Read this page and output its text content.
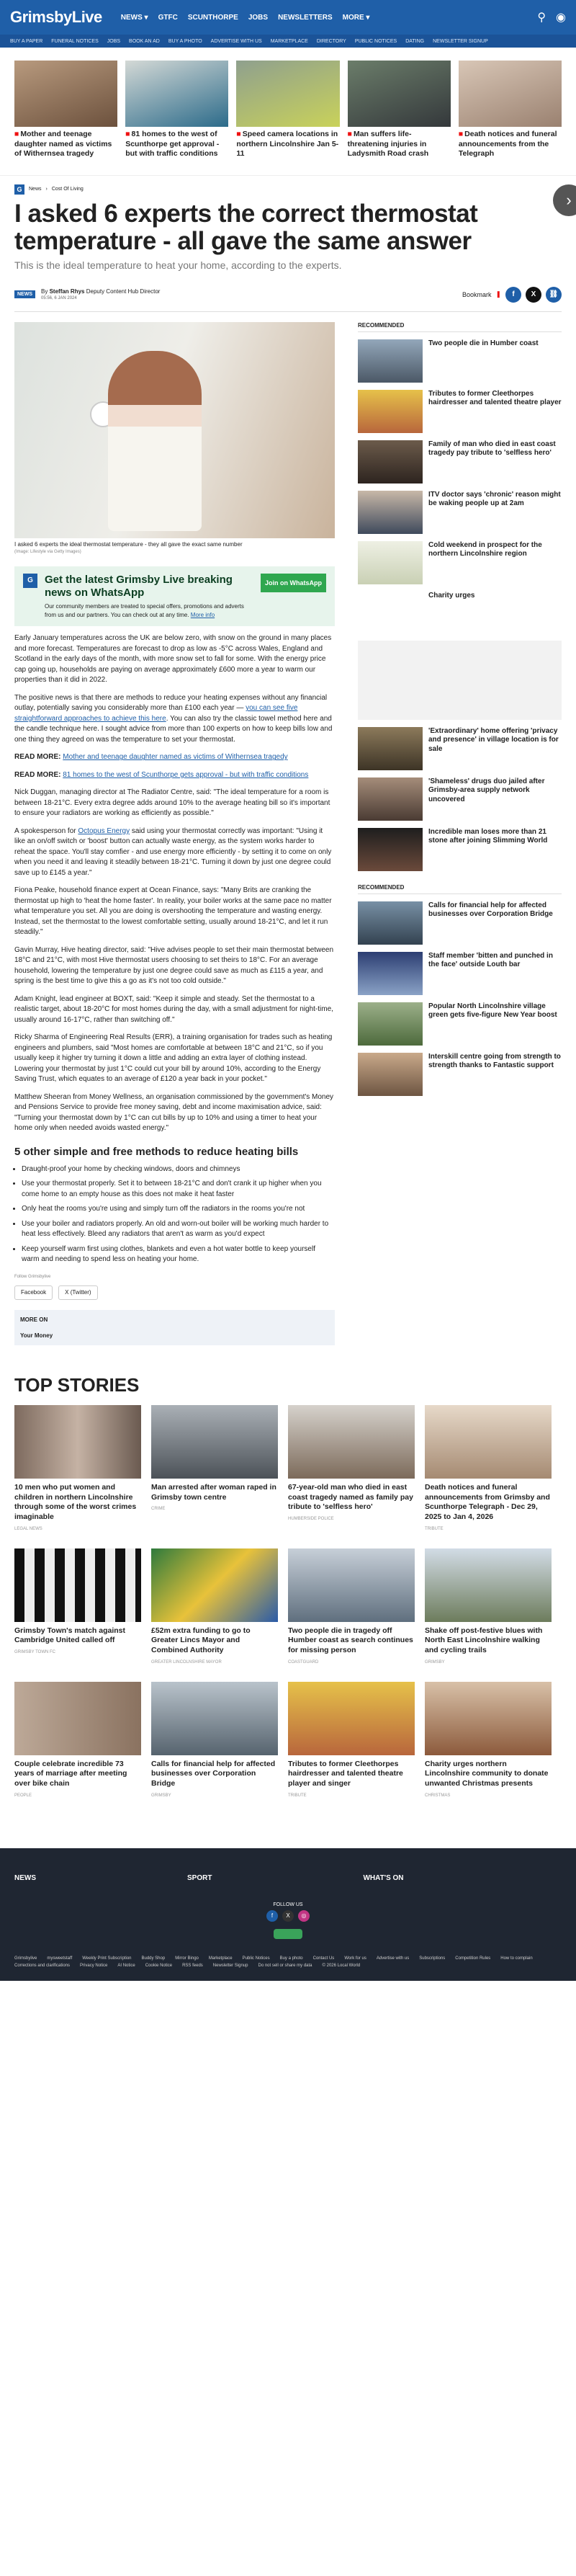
GrimsbyLive	NEWS ▾ GTFC SCUNTHORPE JOBS NEWSLETTERS MORE ▾	⚲ ◉
BUY A PAPER FUNERAL NOTICES JOBS BOOK AN AD BUY A PHOTO ADVERTISE WITH US MARKETPLACE DIRECTORY PUBLIC NOTICES DATING NEWSLETTER SIGNUP
■ Mother and teenage daughter named as victims of Withernsea tragedy
■ 81 homes to the west of Scunthorpe get approval - but with traffic conditions
■ Speed camera locations in northern Lincolnshire Jan 5-11
■ Man suffers life-threatening injuries in Ladysmith Road crash
■ Death notices and funeral announcements from the Telegraph
G	News › Cost Of Living
I asked 6 experts the correct thermostat temperature - all gave the same answer
›
This is the ideal temperature to heat your home, according to the experts.
NEWS	By Steffan Rhys Deputy Content Hub Director
05:56, 6 JAN 2024
Bookmark ❚	f	X	⛓
I asked 6 experts the ideal thermostat temperature - they all gave the exact same number
(Image: Lifestyle via Getty Images)
G	Get the latest Grimsby Live breaking news on WhatsApp

Our community members are treated to special offers, promotions and adverts from us and our partners. You can check out at any time. More info

Join on WhatsApp

Early January temperatures across the UK are below zero, with snow on the ground in many places and more forecast. Temperatures are forecast to drop as low as -5°C across Wales, England and Scotland in the early days of the month, with more snow set to fall for some. With the energy price cap going up, households are paying on average approximately £600 more a year to warm our properties than it did in 2022.

The positive news is that there are methods to reduce your heating expenses without any financial outlay, potentially saving you considerably more than £100 each year — you can see five straightforward approaches to achieve this here. You can also try the classic towel method here and the candle technique here. I sought advice from more than 100 experts on how to keep bills low and one thing they agreed on was the temperature to set your thermostat.

READ MORE: Mother and teenage daughter named as victims of Withernsea tragedy

READ MORE: 81 homes to the west of Scunthorpe gets approval - but with traffic conditions

Nick Duggan, managing director at The Radiator Centre, said: "The ideal temperature for a room is between 18-21°C. Every extra degree adds around 10% to the average heating bill so it's important to ensure your radiators are working as efficiently as possible."

A spokesperson for Octopus Energy said using your thermostat correctly was important: "Using it like an on/off switch or 'boost' button can actually waste energy, as the system works harder to reheat the space. You'll stay comfier - and use energy more efficiently - by setting it to come on only when you need it and leaving it steadily between 18-21°C. Turning it down by just one degree could save up to £145 a year."

Fiona Peake, household finance expert at Ocean Finance, says: "Many Brits are cranking the thermostat up high to 'heat the home faster'. In reality, your boiler works at the same pace no matter what temperature you set. All you are doing is overshooting the temperature and wasting energy. Instead, set the thermostat to the lowest comfortable setting, usually around 18-21°C, and let it run steadily."

Gavin Murray, Hive heating director, said: "Hive advises people to set their main thermostat between 18°C and 21°C, with most Hive thermostat users choosing to set theirs to 18°C. For an average household, lowering the temperature by just one degree could save as much as £115 a year, and spring is the best time to give this a go as it's not too cold outside."

Adam Knight, lead engineer at BOXT, said: "Keep it simple and steady. Set the thermostat to a realistic target, about 18-20°C for most homes during the day, with a small adjustment for night-time, usually around 16-17°C, rather than switching off."

Ricky Sharma of Engineering Real Results (ERR), a training organisation for trades such as heating engineers and plumbers, said "Most homes are comfortable at between 18°C and 21°C, so if you usually keep it higher try turning it down a little and adding an extra layer of clothing instead. Lowering your thermostat by just 1°C could cut your bill by around 10%, according to the Energy Saving Trust, which equates to an average of £120 a year back in your pocket."

Matthew Sheeran from Money Wellness, an organisation commissioned by the government's Money and Pensions Service to provide free money saving, debt and income maximisation advice, said: "Turning your thermostat down by 1°C can cut bills by up to 10% and using a timer to heat your home only when needed avoids wasted energy."

5 other simple and free methods to reduce heating bills
• Draught-proof your home by checking windows, doors and chimneys
• Use your thermostat properly. Set it to between 18-21°C and don't crank it up higher when you come home to an empty house as this does not make it heat faster
• Only heat the rooms you're using and simply turn off the radiators in the rooms you're not
• Use your boiler and radiators properly. An old and worn-out boiler will be working much harder to heat less effectively. Bleed any radiators that aren't as warm as you'd expect
• Keep yourself warm first using clothes, blankets and even a hot water bottle to keep yourself warm and needing to spend less on heating your home.
Follow Grimsbylive
Facebook	X (Twitter)
MORE ON
Your Money
RECOMMENDED
Two people die in Humber coast
Tributes to former Cleethorpes hairdresser and talented theatre player
Family of man who died in east coast tragedy pay tribute to 'selfless hero'
ITV doctor says 'chronic' reason might be waking people up at 2am
Cold weekend in prospect for the northern Lincolnshire region
Charity urges
'Extraordinary' home offering 'privacy and presence' in village location is for sale
'Shameless' drugs duo jailed after Grimsby-area supply network uncovered
Incredible man loses more than 21 stone after joining Slimming World
RECOMMENDED
Calls for financial help for affected businesses over Corporation Bridge
Staff member 'bitten and punched in the face' outside Louth bar
Popular North Lincolnshire village green gets five-figure New Year boost
Interskill centre going from strength to strength thanks to Fantastic support
TOP STORIES
10 men who put women and children in northern Lincolnshire through some of the worst crimes imaginable
LEGAL NEWS
Man arrested after woman raped in Grimsby town centre
CRIME
67-year-old man who died in east coast tragedy named as family pay tribute to 'selfless hero'
HUMBERSIDE POLICE
Death notices and funeral announcements from Grimsby and Scunthorpe Telegraph - Dec 29, 2025 to Jan 4, 2026
TRIBUTE
Grimsby Town's match against Cambridge United called off
GRIMSBY TOWN FC
£52m extra funding to go to Greater Lincs Mayor and Combined Authority
GREATER LINCOLNSHIRE MAYOR
Two people die in tragedy off Humber coast as search continues for missing person
COASTGUARD
Shake off post-festive blues with North East Lincolnshire walking and cycling trails
GRIMSBY
Couple celebrate incredible 73 years of marriage after meeting over bike chain
PEOPLE
Calls for financial help for affected businesses over Corporation Bridge
GRIMSBY
Tributes to former Cleethorpes hairdresser and talented theatre player and singer
TRIBUTE
Charity urges northern Lincolnshire community to donate unwanted Christmas presents
CHRISTMAS
NEWS	SPORT	WHAT'S ON
FOLLOW US
f	X	◎
Grimsbylive mysweetstaff Weekly Print Subscription Buddy Shop Mirror Bingo Marketplace Public Notices Buy a photo Contact Us Work for us Advertise with us Subscriptions Competition Rules How to complain
Corrections and clarifications Privacy Notice AI Notice Cookie Notice RSS feeds Newsletter Signup Do not sell or share my data © 2026 Local World
